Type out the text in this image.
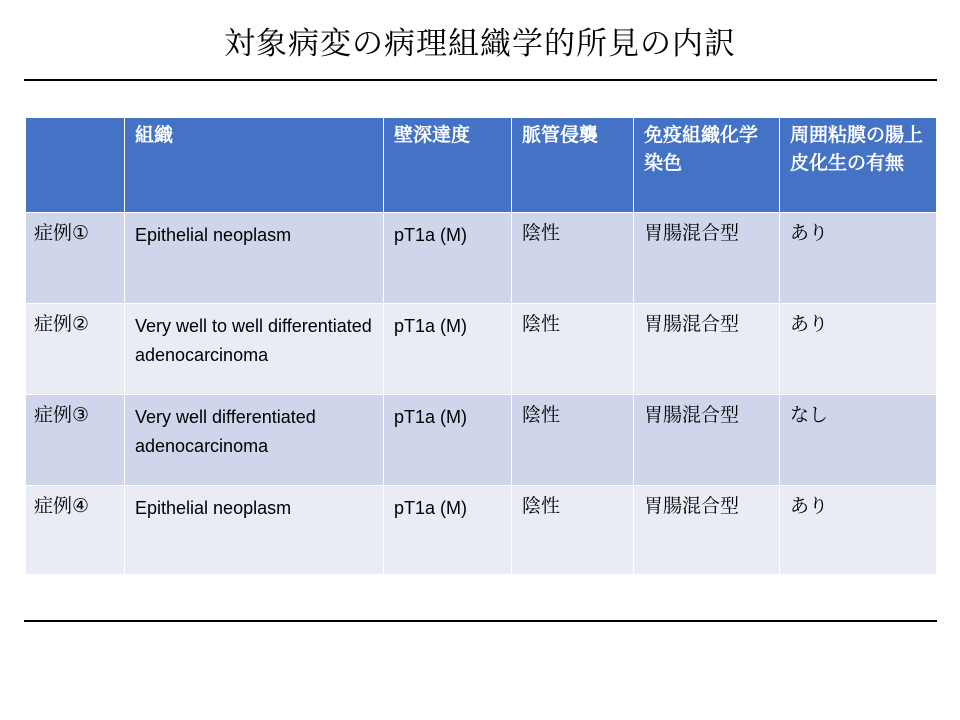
対象病変の病理組織学的所見の内訳
	組織	壁深達度	脈管侵襲	免疫組織化学染色	周囲粘膜の腸上皮化生の有無
症例①	Epithelial neoplasm	pT1a (M)	陰性	胃腸混合型	あり
症例②	Very well to well differentiated adenocarcinoma	pT1a (M)	陰性	胃腸混合型	あり
症例③	Very well differentiated adenocarcinoma	pT1a (M)	陰性	胃腸混合型	なし
症例④	Epithelial neoplasm	pT1a (M)	陰性	胃腸混合型	あり
